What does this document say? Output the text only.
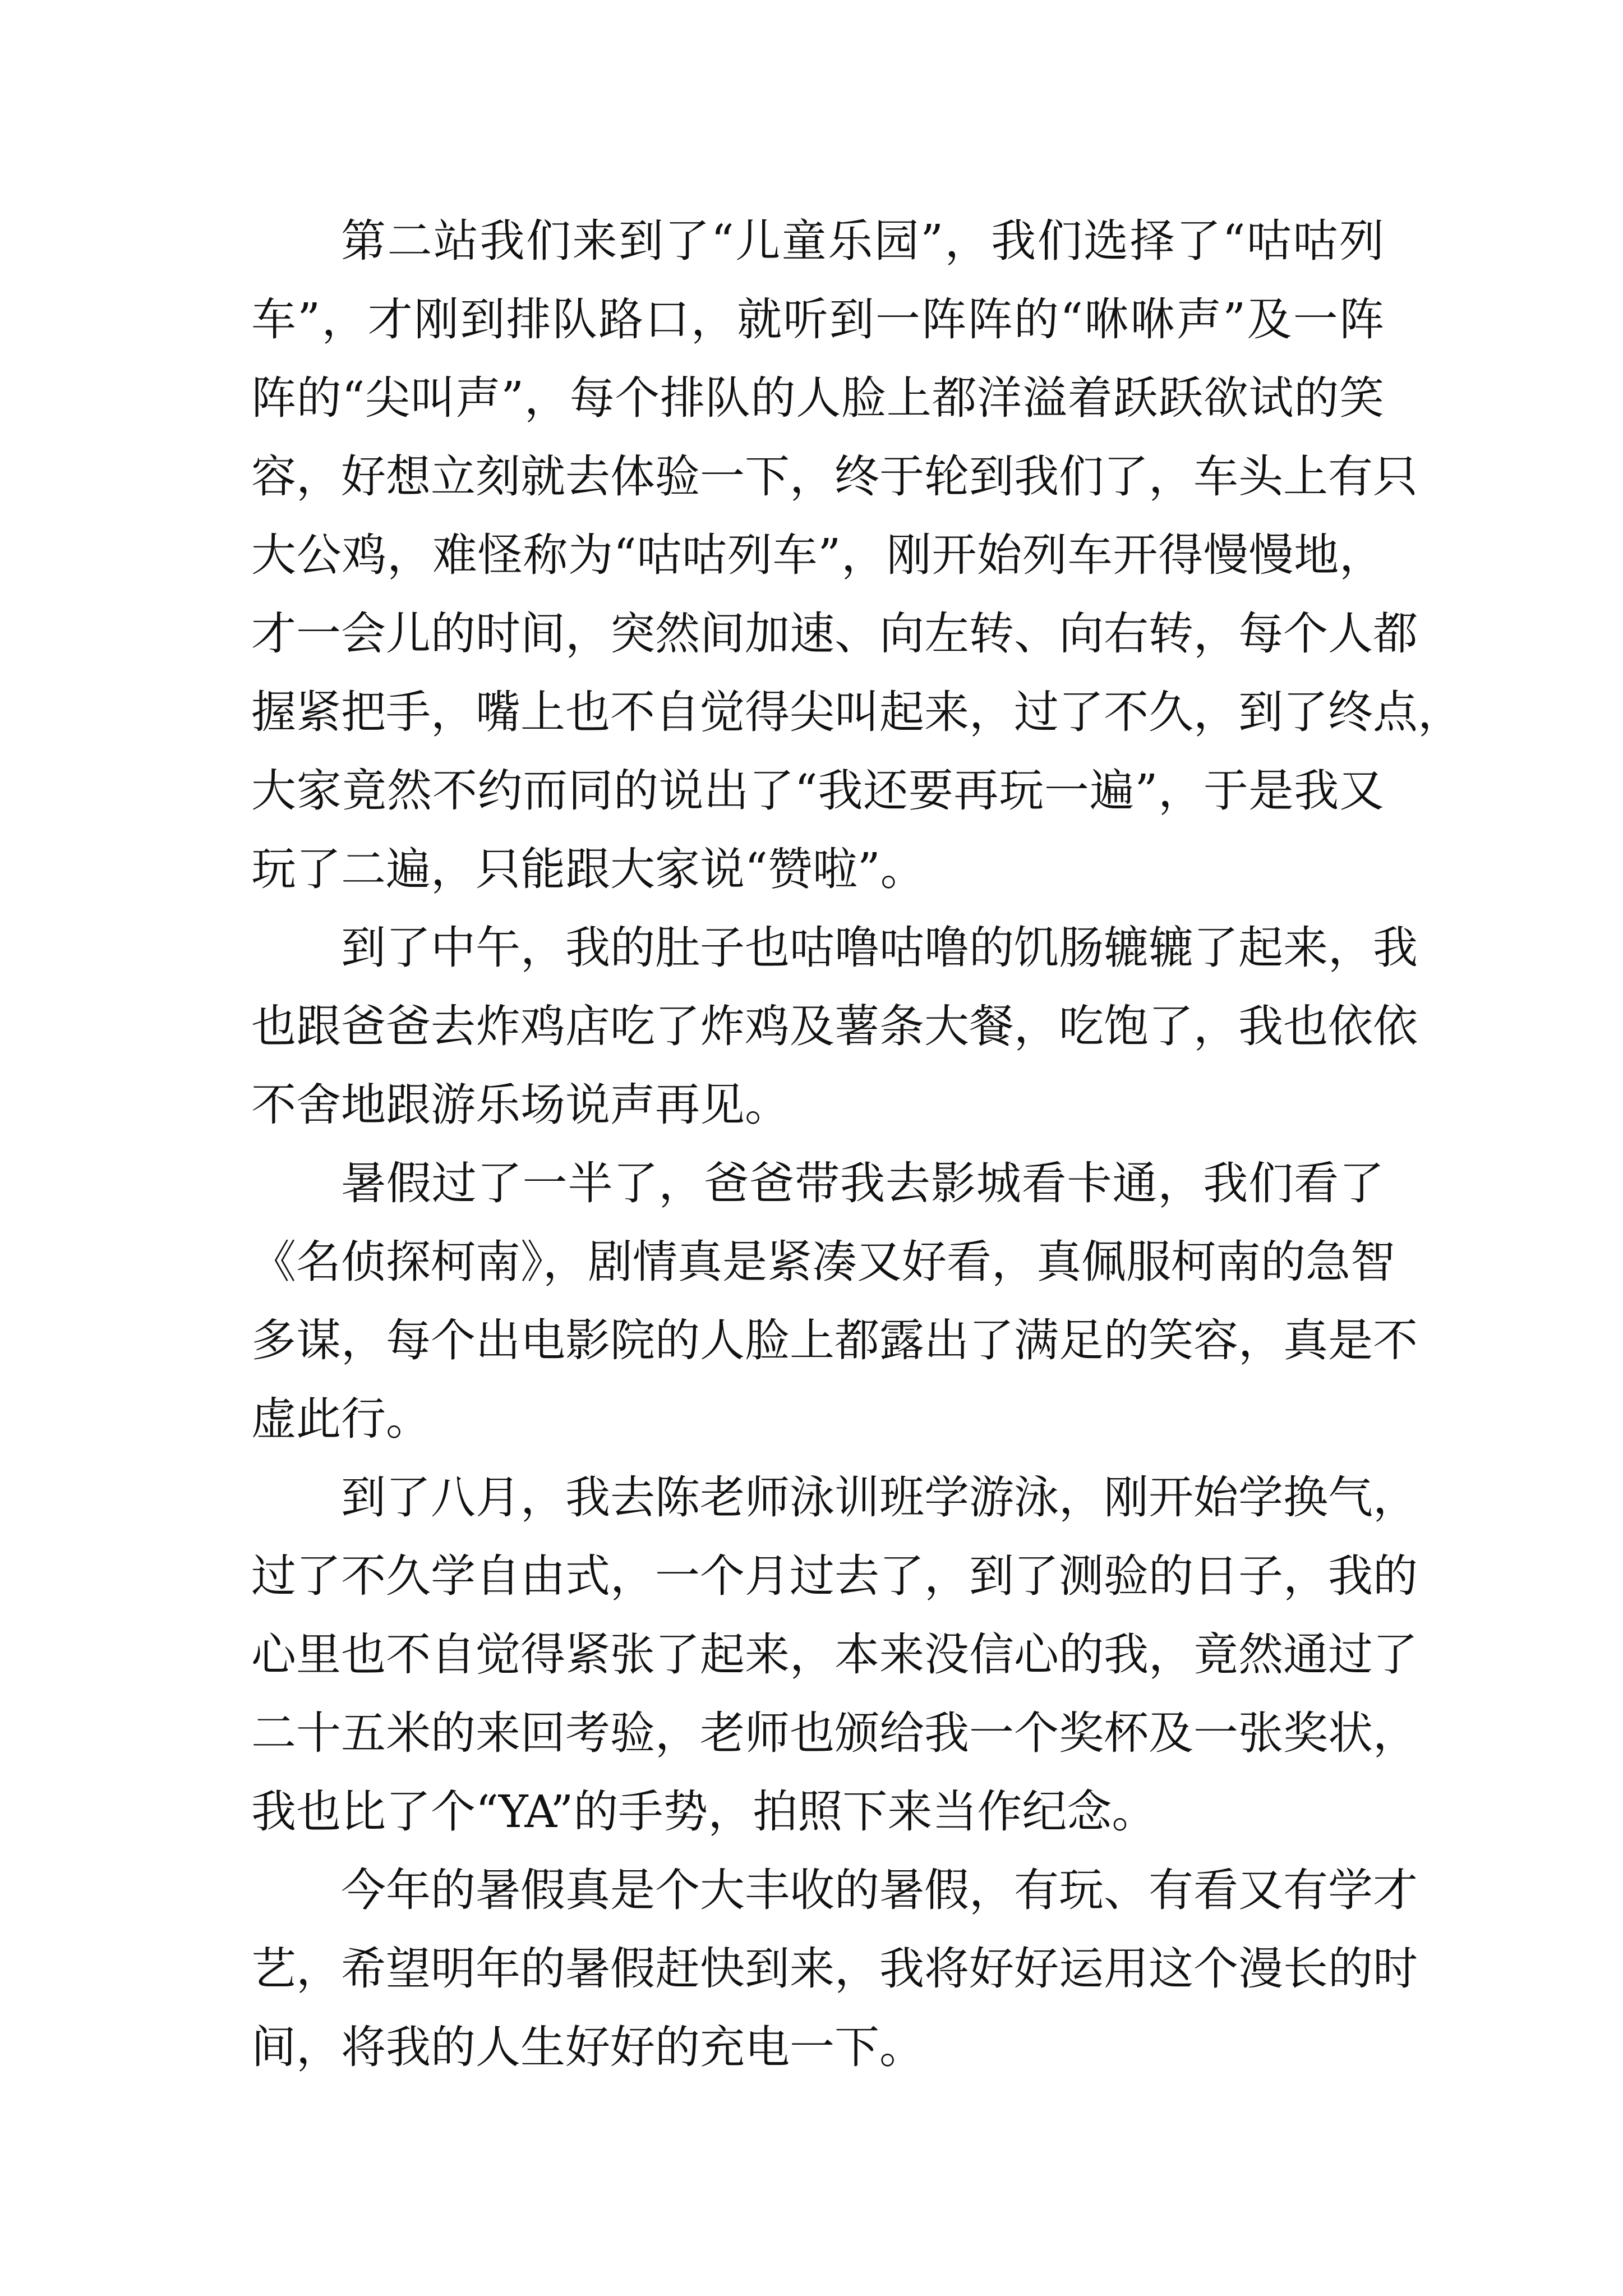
第二站我们来到了“儿童乐园”，我们选择了“咕咕列
车”，才刚到排队路口，就听到一阵阵的“咻咻声”及一阵
阵的“尖叫声”，每个排队的人脸上都洋溢着跃跃欲试的笑
容，好想立刻就去体验一下，终于轮到我们了，车头上有只
大公鸡，难怪称为“咕咕列车”，刚开始列车开得慢慢地，
才一会儿的时间，突然间加速、向左转、向右转，每个人都
握紧把手，嘴上也不自觉得尖叫起来，过了不久，到了终点，
大家竟然不约而同的说出了“我还要再玩一遍”，于是我又
玩了二遍，只能跟大家说“赞啦”。
到了中午，我的肚子也咕噜咕噜的饥肠辘辘了起来，我
也跟爸爸去炸鸡店吃了炸鸡及薯条大餐，吃饱了，我也依依
不舍地跟游乐场说声再见。
暑假过了一半了，爸爸带我去影城看卡通，我们看了
《名侦探柯南》，剧情真是紧凑又好看，真佩服柯南的急智
多谋，每个出电影院的人脸上都露出了满足的笑容，真是不
虚此行。
到了八月，我去陈老师泳训班学游泳，刚开始学换气，
过了不久学自由式，一个月过去了，到了测验的日子，我的
心里也不自觉得紧张了起来，本来没信心的我，竟然通过了
二十五米的来回考验，老师也颁给我一个奖杯及一张奖状，
我也比了个“YA”的手势，拍照下来当作纪念。
今年的暑假真是个大丰收的暑假，有玩、有看又有学才
艺，希望明年的暑假赶快到来，我将好好运用这个漫长的时
间，将我的人生好好的充电一下。
